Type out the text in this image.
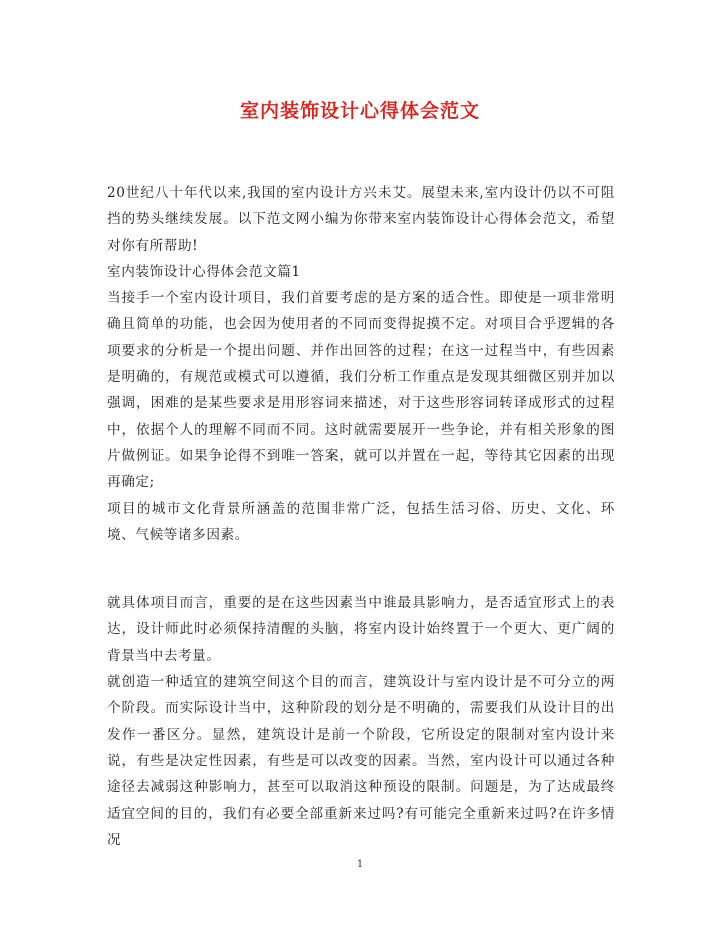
室内装饰设计心得体会范文

20世纪八十年代以来,我国的室内设计方兴未艾。展望未来,室内设计仍以不可阻挡的势头继续发展。以下范文网小编为你带来室内装饰设计心得体会范文，希望对你有所帮助!

室内装饰设计心得体会范文篇1

当接手一个室内设计项目，我们首要考虑的是方案的适合性。即使是一项非常明确且简单的功能，也会因为使用者的不同而变得捉摸不定。对项目合乎逻辑的各项要求的分析是一个提出问题、并作出回答的过程；在这一过程当中，有些因素是明确的，有规范或模式可以遵循，我们分析工作重点是发现其细微区别并加以强调，困难的是某些要求是用形容词来描述，对于这些形容词转译成形式的过程中，依据个人的理解不同而不同。这时就需要展开一些争论，并有相关形象的图片做例证。如果争论得不到唯一答案，就可以并置在一起，等待其它因素的出现再确定;

项目的城市文化背景所涵盖的范围非常广泛，包括生活习俗、历史、文化、环境、气候等诸多因素。

就具体项目而言，重要的是在这些因素当中谁最具影响力，是否适宜形式上的表达，设计师此时必须保持清醒的头脑，将室内设计始终置于一个更大、更广阔的背景当中去考量。

就创造一种适宜的建筑空间这个目的而言，建筑设计与室内设计是不可分立的两个阶段。而实际设计当中，这种阶段的划分是不明确的，需要我们从设计目的出发作一番区分。显然，建筑设计是前一个阶段，它所设定的限制对室内设计来说，有些是决定性因素，有些是可以改变的因素。当然，室内设计可以通过各种途径去减弱这种影响力，甚至可以取消这种预设的限制。问题是，为了达成最终适宜空间的目的，我们有必要全部重新来过吗?有可能完全重新来过吗?在许多情况

1
